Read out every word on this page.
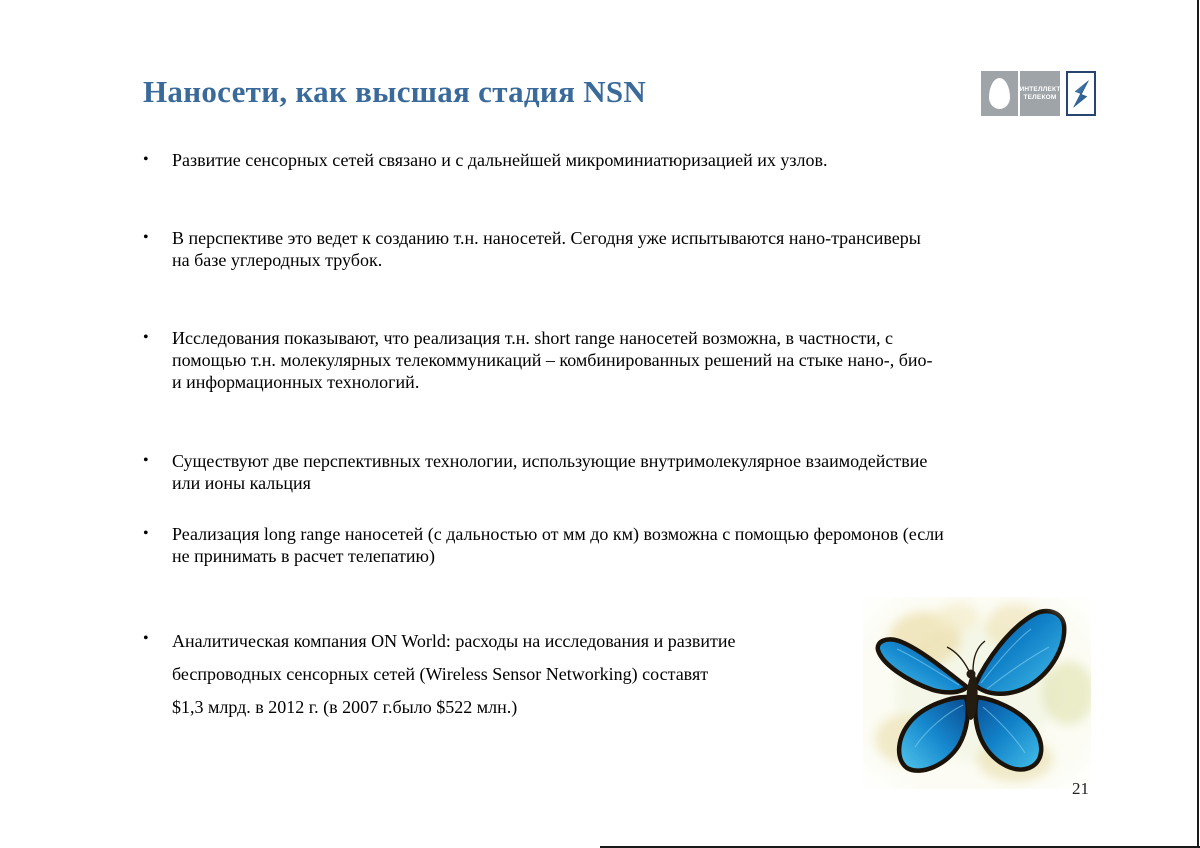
Наносети, как высшая стадия NSN	ИНТЕЛЛЕКТ
ТЕЛЕКОМ
•	Развитие сенсорных сетей связано и с дальнейшей микроминиатюризацией их узлов.
•	В перспективе это ведет к созданию т.н. наносетей. Сегодня уже испытываются нано-трансиверы
на базе углеродных трубок.
•	Исследования показывают, что реализация т.н. short range наносетей возможна, в частности, с
помощью т.н. молекулярных телекоммуникаций – комбинированных решений на стыке нано-, био-
и информационных технологий.
•	Существуют две перспективных технологии, использующие внутримолекулярное взаимодействие
или ионы кальция
•	Реализация long range наносетей (с дальностью от мм до км) возможна с помощью феромонов (если
не принимать в расчет телепатию)
•	Аналитическая компания ON World: расходы на исследования и развитие
беспроводных сенсорных сетей (Wireless Sensor Networking) составят
$1,3 млрд. в 2012 г. (в 2007 г.было $522 млн.)
21
